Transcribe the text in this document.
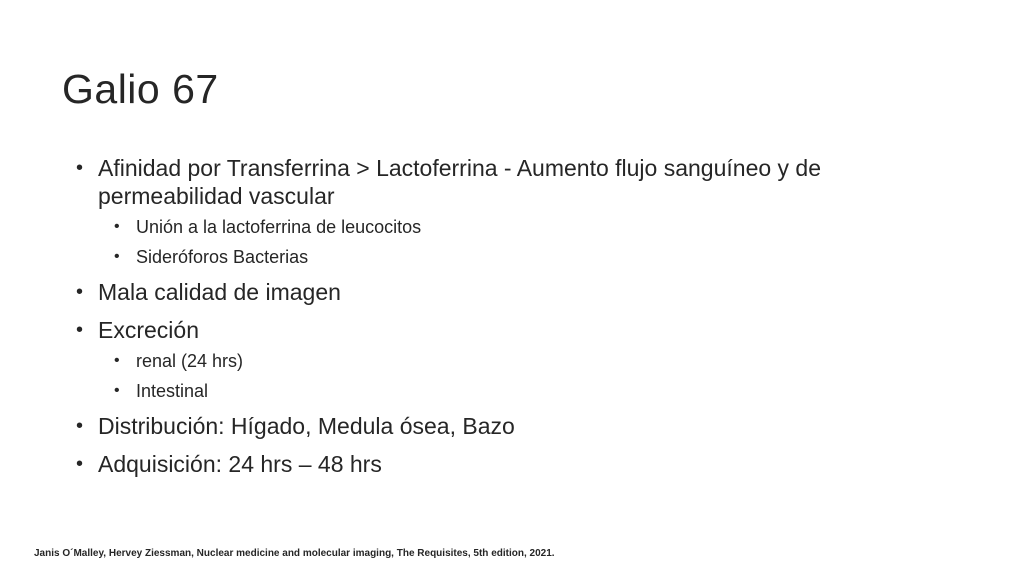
Galio 67
• Afinidad por Transferrina > Lactoferrina - Aumento flujo sanguíneo y de permeabilidad vascular
• Unión a la lactoferrina de leucocitos
• Sideróforos Bacterias
• Mala calidad de imagen
• Excreción
• renal (24 hrs)
• Intestinal
• Distribución: Hígado, Medula ósea, Bazo
• Adquisición: 24 hrs – 48 hrs
Janis O´Malley, Hervey Ziessman, Nuclear medicine and molecular imaging, The Requisites, 5th edition, 2021.
